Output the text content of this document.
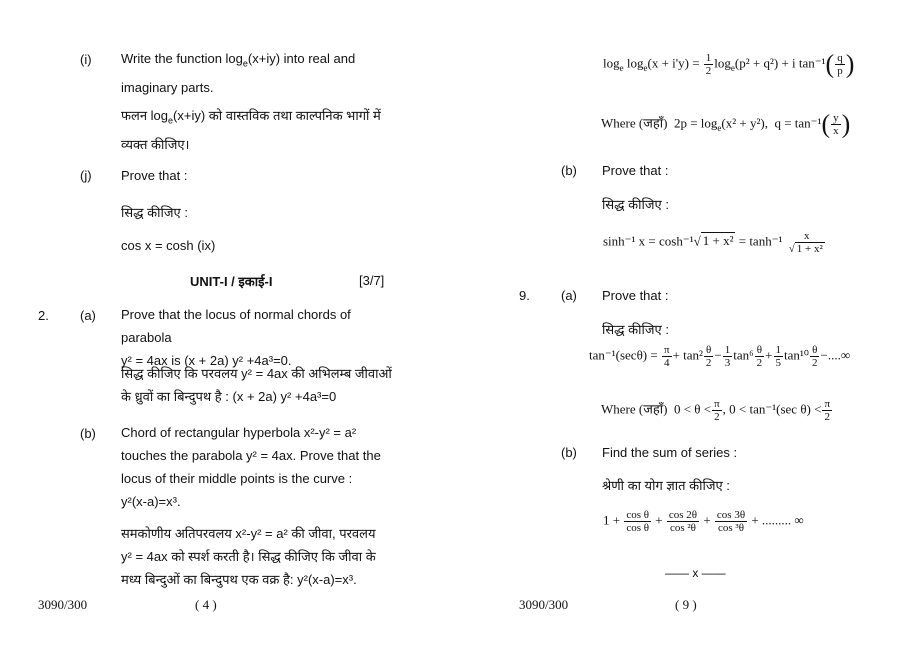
(i) Write the function $\log_e(x+iy)$ into real and
imaginary parts.
फलन $\log_e(x+iy)$ को वास्तविक तथा काल्पनिक भागों में
व्यक्त कीजिए।
(j) Prove that :
सिद्ध कीजिए :
cos x = cosh (ix)
UNIT-I / इकाई-I	[3/7]
2. (a) Prove that the locus of normal chords of parabola
y² = 4ax is (x + 2a) y² +4a³=0.
सिद्ध कीजिए कि परवलय y² = 4ax की अभिलम्ब जीवाओं
के ध्रुवों का बिन्दुपथ है : (x + 2a) y² +4a³=0
(b) Chord of rectangular hyperbola x²-y² = a²
touches the parabola y² = 4ax. Prove that the
locus of their middle points is the curve :
y²(x-a)=x³.
समकोणीय अतिपरवलय x²-y² = a² की जीवा, परवलय
y² = 4ax को स्पर्श करती है। सिद्ध कीजिए कि जीवा के
मध्य बिन्दुओं का बिन्दुपथ एक वक्र है: y²(x-a)=x³.
3090/300	( 4 )
$\log_e \log_e(x + i'y) = \frac{1}{2} \log_e(p^2 + q^2) + i$ $\tan^{-1}( \frac{q}{p}$ )
Where (जहाँ) $2p = \log_e(x^2 + y^2)$, $q = \tan^{-1}( \frac{y}{x}$ )
(b) Prove that :
सिद्ध कीजिए :
sinh⁻¹ x = cosh⁻¹√ $1 + x^2 = \tanh^{-1} \frac{x}{\text{√ 1 + x²}}$
9. (a) Prove that :
सिद्ध कीजिए :
$\tan^{-1}(\sec\theta) = \frac{\pi}{4} + \tan^2 \frac{\theta}{2} - \frac{1}{3} \tan^6 \frac{\theta}{2} + \frac{1}{5} \tan^{10} \frac{\theta}{2}$ −....∞
Where (जहाँ) $0 < \theta < \frac{\pi}{2}$ , 0 < tan⁻¹(sec $\theta) < \frac{\pi}{2}$
(b) Find the sum of series :
श्रेणी का योग ज्ञात कीजिए :
$1 + \frac{\text{cos θ}}{\text{cos θ}} + \frac{\cos 2\theta}{\text{cos ²θ}} + \frac{\cos 3\theta}{\text{cos ³θ}}$ + ......... ∞
—— x ——
3090/300	( 9 )
